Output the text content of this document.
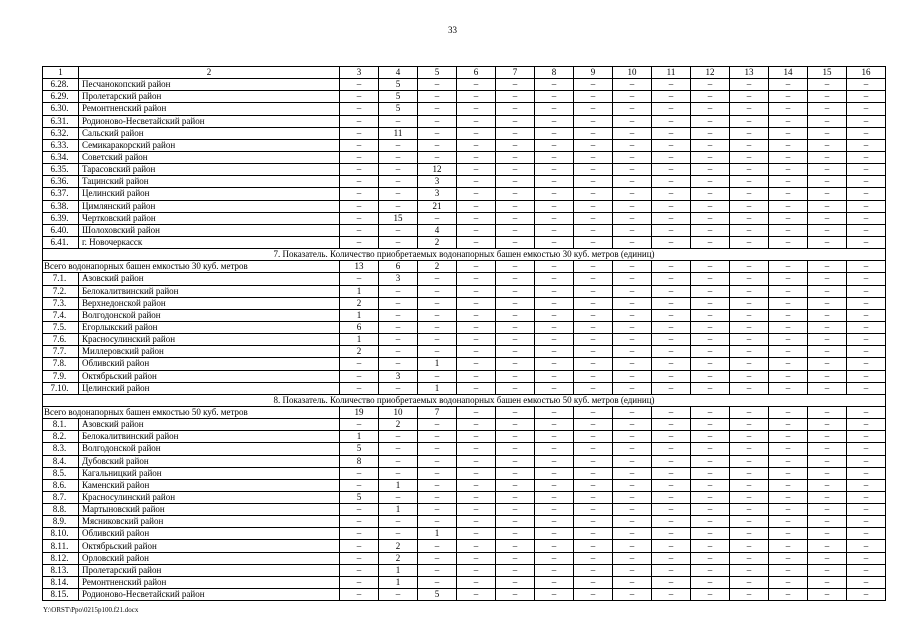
33
1	2	3	4	5	6	7	8	9	10	11	12	13	14	15	16
6.28.	Песчанокопский район	–	5	–	–	–	–	–	–	–	–	–	–	–	–
6.29.	Пролетарский район	–	5	–	–	–	–	–	–	–	–	–	–	–	–
6.30.	Ремонтненский район	–	5	–	–	–	–	–	–	–	–	–	–	–	–
6.31.	Родионово-Несветайский район	–	–	–	–	–	–	–	–	–	–	–	–	–	–
6.32.	Сальский район	–	11	–	–	–	–	–	–	–	–	–	–	–	–
6.33.	Семикаракорский район	–	–	–	–	–	–	–	–	–	–	–	–	–	–
6.34.	Советский район	–	–	–	–	–	–	–	–	–	–	–	–	–	–
6.35.	Тарасовский район	–	–	12	–	–	–	–	–	–	–	–	–	–	–
6.36.	Тацинский район	–	–	3	–	–	–	–	–	–	–	–	–	–	–
6.37.	Целинский район	–	–	3	–	–	–	–	–	–	–	–	–	–	–
6.38.	Цимлянский район	–	–	21	–	–	–	–	–	–	–	–	–	–	–
6.39.	Чертковский район	–	15	–	–	–	–	–	–	–	–	–	–	–	–
6.40.	Шолоховский район	–	–	4	–	–	–	–	–	–	–	–	–	–	–
6.41.	г. Новочеркасск	–	–	2	–	–	–	–	–	–	–	–	–	–	–
7. Показатель. Количество приобретаемых водонапорных башен емкостью 30 куб. метров (единиц)															
Всего водонапорных башен емкостью 30 куб. метров		13	6	2	–	–	–	–	–	–	–	–	–	–	–
7.1.	Азовский район	–	3	–	–	–	–	–	–	–	–	–	–	–	–
7.2.	Белокалитвинский район	1	–	–	–	–	–	–	–	–	–	–	–	–	–
7.3.	Верхнедонской район	2	–	–	–	–	–	–	–	–	–	–	–	–	–
7.4.	Волгодонской район	1	–	–	–	–	–	–	–	–	–	–	–	–	–
7.5.	Егорлыкский район	6	–	–	–	–	–	–	–	–	–	–	–	–	–
7.6.	Красносулинский район	1	–	–	–	–	–	–	–	–	–	–	–	–	–
7.7.	Миллеровский район	2	–	–	–	–	–	–	–	–	–	–	–	–	–
7.8.	Обливский район	–	–	1	–	–	–	–	–	–	–	–	–	–	–
7.9.	Октябрьский район	–	3	–	–	–	–	–	–	–	–	–	–	–	–
7.10.	Целинский район	–	–	1	–	–	–	–	–	–	–	–	–	–	–
8. Показатель. Количество приобретаемых водонапорных башен емкостью 50 куб. метров (единиц)															
Всего водонапорных башен емкостью 50 куб. метров		19	10	7	–	–	–	–	–	–	–	–	–	–	–
8.1.	Азовский район	–	2	–	–	–	–	–	–	–	–	–	–	–	–
8.2.	Белокалитвинский район	1	–	–	–	–	–	–	–	–	–	–	–	–	–
8.3.	Волгодонской район	5	–	–	–	–	–	–	–	–	–	–	–	–	–
8.4.	Дубовский район	8	–	–	–	–	–	–	–	–	–	–	–	–	–
8.5.	Кагальницкий район	–	–	–	–	–	–	–	–	–	–	–	–	–	–
8.6.	Каменский район	–	1	–	–	–	–	–	–	–	–	–	–	–	–
8.7.	Красносулинский район	5	–	–	–	–	–	–	–	–	–	–	–	–	–
8.8.	Мартыновский район	–	1	–	–	–	–	–	–	–	–	–	–	–	–
8.9.	Мясниковский район	–	–	–	–	–	–	–	–	–	–	–	–	–	–
8.10.	Обливский район	–	–	1	–	–	–	–	–	–	–	–	–	–	–
8.11.	Октябрьский район	–	2	–	–	–	–	–	–	–	–	–	–	–	–
8.12.	Орловский район	–	2	–	–	–	–	–	–	–	–	–	–	–	–
8.13.	Пролетарский район	–	1	–	–	–	–	–	–	–	–	–	–	–	–
8.14.	Ремонтненский район	–	1	–	–	–	–	–	–	–	–	–	–	–	–
8.15.	Родионово-Несветайский район	–	–	5	–	–	–	–	–	–	–	–	–	–	–
Y:\ORST\Ppo\0215p100.f21.docx
